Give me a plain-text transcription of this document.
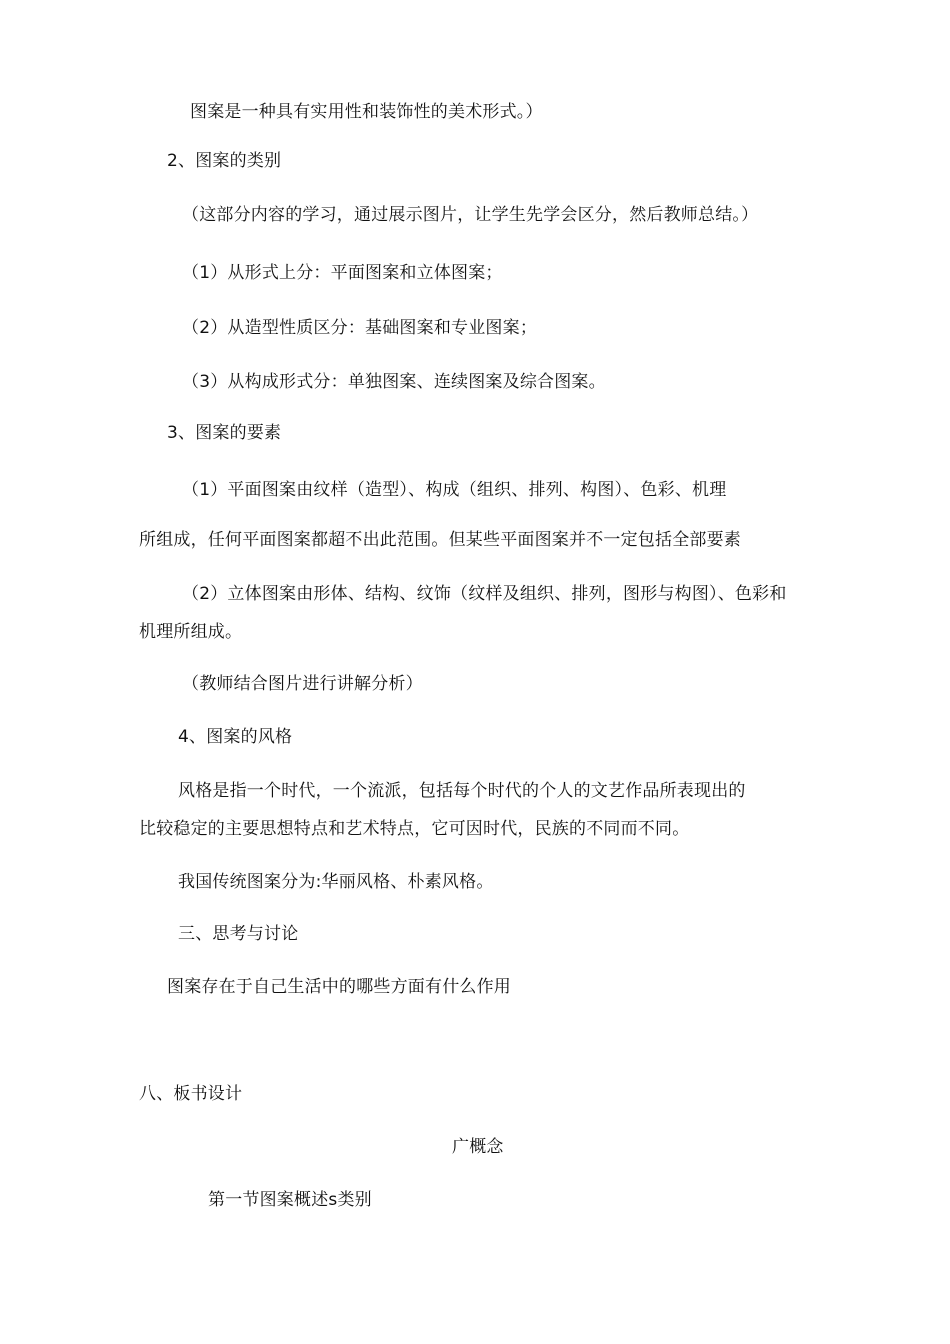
图案是一种具有实用性和装饰性的美术形式。）
2、图案的类别
（这部分内容的学习，通过展示图片，让学生先学会区分，然后教师总结。）
（1）从形式上分：平面图案和立体图案；
（2）从造型性质区分：基础图案和专业图案；
（3）从构成形式分：单独图案、连续图案及综合图案。
3、图案的要素
（1）平面图案由纹样（造型）、构成（组织、排列、构图）、色彩、机理
所组成，任何平面图案都超不出此范围。但某些平面图案并不一定包括全部要素
（2）立体图案由形体、结构、纹饰（纹样及组织、排列，图形与构图）、色彩和
机理所组成。
（教师结合图片进行讲解分析）
4、图案的风格
风格是指一个时代，一个流派，包括每个时代的个人的文艺作品所表现出的
比较稳定的主要思想特点和艺术特点，它可因时代，民族的不同而不同。
我国传统图案分为:华丽风格、朴素风格。
三、思考与讨论
图案存在于自己生活中的哪些方面有什么作用
八、板书设计
广概念
第一节图案概述s类别
